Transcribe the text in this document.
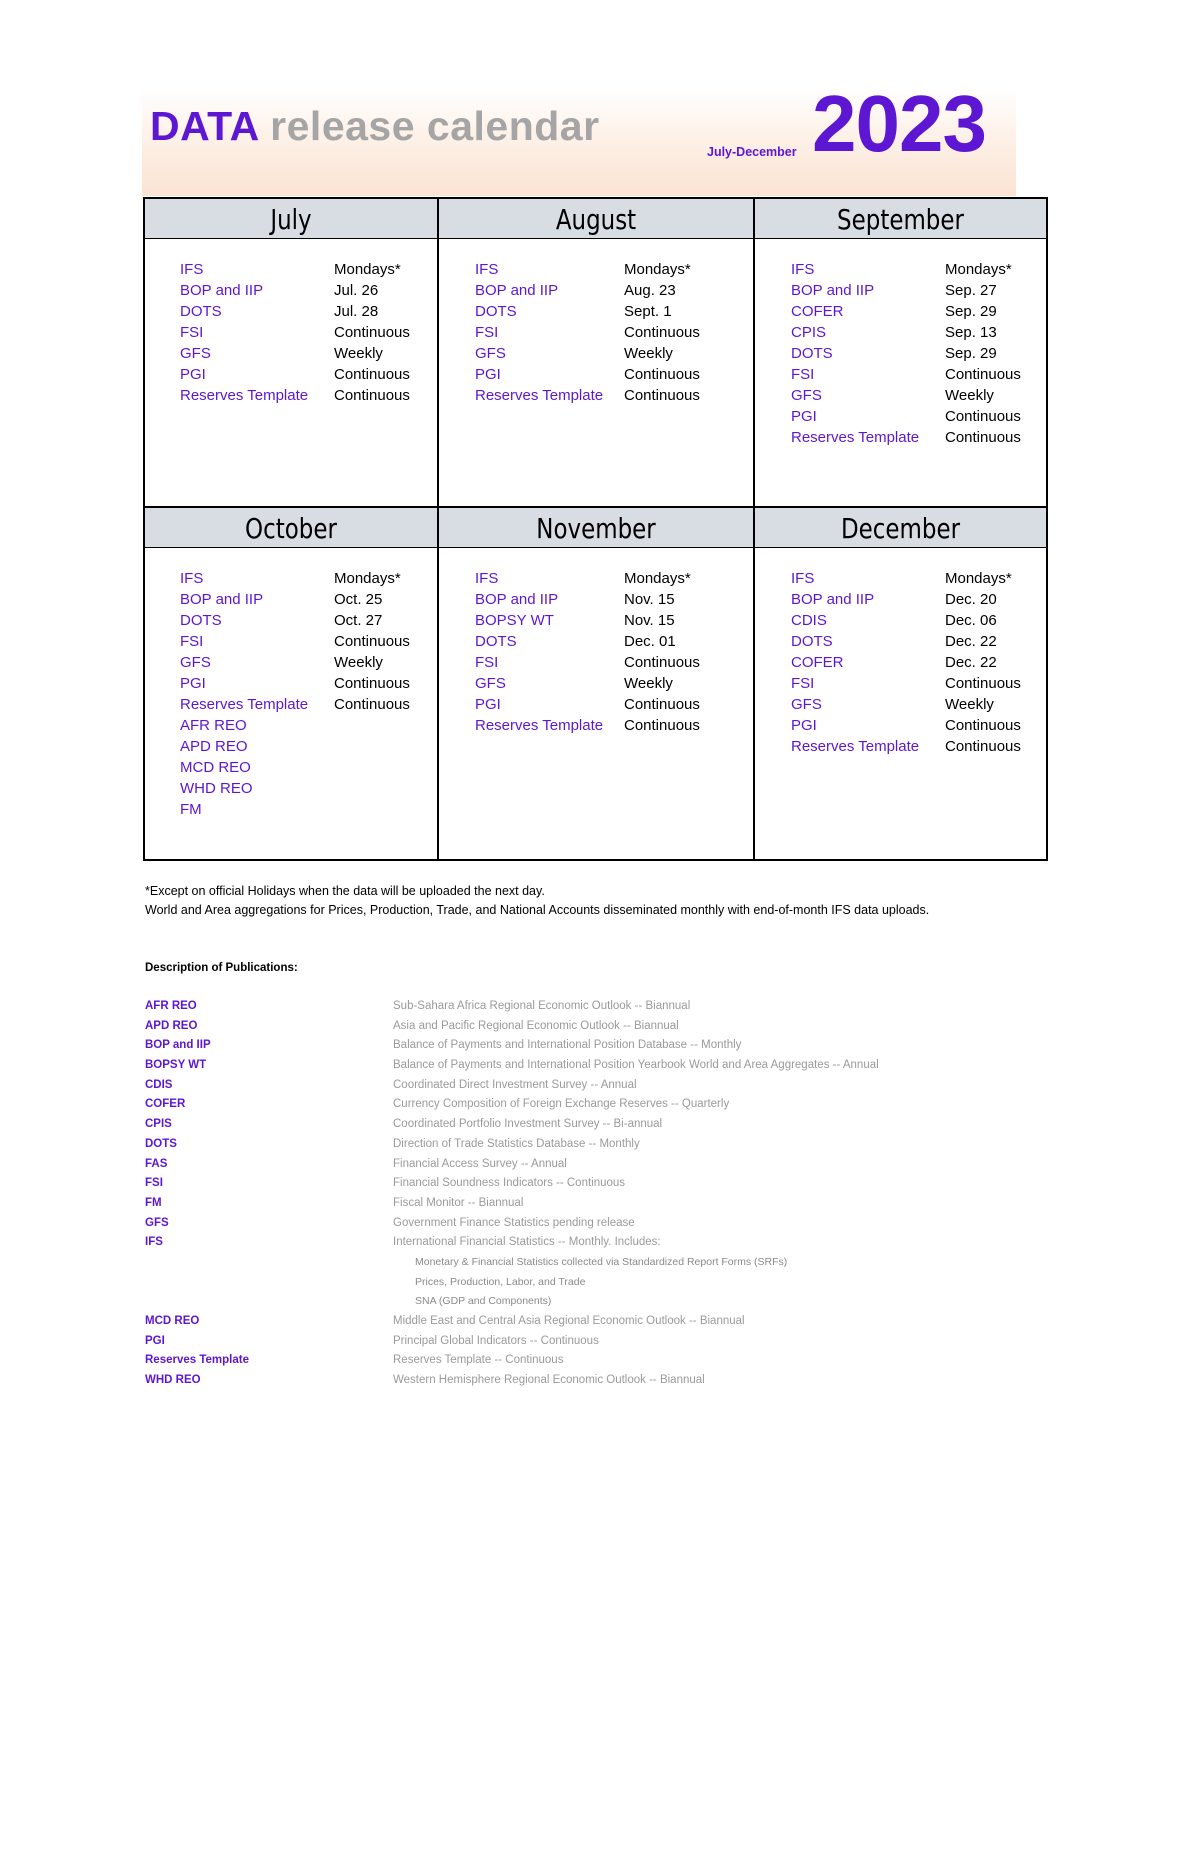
DATA release calendar
July-December 2023
July
IFS	Mondays*
BOP and IIP	Jul. 26
DOTS	Jul. 28
FSI	Continuous
GFS	Weekly
PGI	Continuous
Reserves Template Continuous
August
IFS	Mondays*
BOP and IIP	Aug. 23
DOTS	Sept. 1
FSI	Continuous
GFS	Weekly
PGI	Continuous
Reserves Template Continuous
September
IFS	Mondays*
BOP and IIP	Sep. 27
COFER	Sep. 29
CPIS	Sep. 13
DOTS	Sep. 29
FSI	Continuous
GFS	Weekly
PGI	Continuous
Reserves Template Continuous
October
IFS	Mondays*
BOP and IIP	Oct. 25
DOTS	Oct. 27
FSI	Continuous
GFS	Weekly
PGI	Continuous
Reserves Template Continuous
AFR REO
APD REO
MCD REO
WHD REO
FM
November
IFS	Mondays*
BOP and IIP	Nov. 15
BOPSY WT	Nov. 15
DOTS	Dec. 01
FSI	Continuous
GFS	Weekly
PGI	Continuous
Reserves Template Continuous
December
IFS	Mondays*
BOP and IIP	Dec. 20
CDIS	Dec. 06
DOTS	Dec. 22
COFER	Dec. 22
FSI	Continuous
GFS	Weekly
PGI	Continuous
Reserves Template Continuous
*Except on official Holidays when the data will be uploaded the next day.
World and Area aggregations for Prices, Production, Trade, and National Accounts disseminated monthly with end-of-month IFS data uploads.
Description of Publications:
AFR REO	Sub-Sahara Africa Regional Economic Outlook -- Biannual
APD REO	Asia and Pacific Regional Economic Outlook -- Biannual
BOP and IIP	Balance of Payments and International Position Database -- Monthly
BOPSY WT	Balance of Payments and International Position Yearbook World and Area Aggregates -- Annual
CDIS	Coordinated Direct Investment Survey -- Annual
COFER	Currency Composition of Foreign Exchange Reserves -- Quarterly
CPIS	Coordinated Portfolio Investment Survey -- Bi-annual
DOTS	Direction of Trade Statistics Database -- Monthly
FAS	Financial Access Survey -- Annual
FSI	Financial Soundness Indicators -- Continuous
FM	Fiscal Monitor -- Biannual
GFS	Government Finance Statistics pending release
IFS	International Financial Statistics -- Monthly. Includes:
Monetary & Financial Statistics collected via Standardized Report Forms (SRFs)
Prices, Production, Labor, and Trade
SNA (GDP and Components)
MCD REO	Middle East and Central Asia Regional Economic Outlook -- Biannual
PGI	Principal Global Indicators -- Continuous
Reserves Template	Reserves Template -- Continuous
WHD REO	Western Hemisphere Regional Economic Outlook -- Biannual
